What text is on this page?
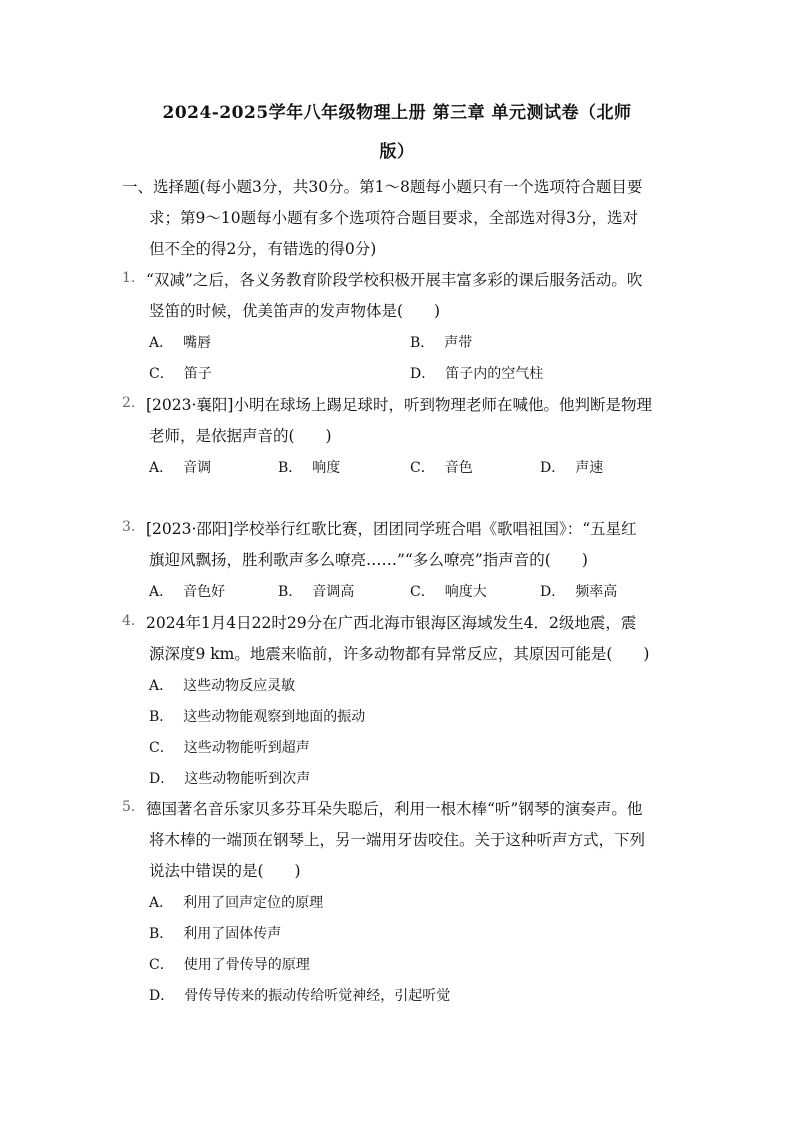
2024-2025学年八年级物理上册 第三章 单元测试卷（北师
版）
一、选择题(每小题3分，共30分。第1～8题每小题只有一个选项符合题目要
求；第9～10题每小题有多个选项符合题目要求，全部选对得3分，选对
但不全的得2分，有错选的得0分)
1. “双减”之后，各义务教育阶段学校积极开展丰富多彩的课后服务活动。吹
竖笛的时候，优美笛声的发声物体是(　　)
A． 嘴唇	B． 声带
C． 笛子	D． 笛子内的空气柱
2. [2023·襄阳]小明在球场上踢足球时，听到物理老师在喊他。他判断是物理
老师，是依据声音的(　　)
A． 音调	B． 响度	C． 音色	D． 声速
3. [2023·邵阳]学校举行红歌比赛，团团同学班合唱《歌唱祖国》：“五星红
旗迎风飘扬，胜利歌声多么嘹亮……”“多么嘹亮”指声音的(　　)
A． 音色好	B． 音调高	C． 响度大	D． 频率高
4. 2024年1月4日22时29分在广西北海市银海区海域发生4．2级地震，震
源深度9 km。地震来临前，许多动物都有异常反应，其原因可能是(　　)
A． 这些动物反应灵敏
B． 这些动物能观察到地面的振动
C． 这些动物能听到超声
D． 这些动物能听到次声
5. 德国著名音乐家贝多芬耳朵失聪后，利用一根木棒“听”钢琴的演奏声。他
将木棒的一端顶在钢琴上，另一端用牙齿咬住。关于这种听声方式，下列
说法中错误的是(　　)
A． 利用了回声定位的原理
B． 利用了固体传声
C． 使用了骨传导的原理
D． 骨传导传来的振动传给听觉神经，引起听觉
